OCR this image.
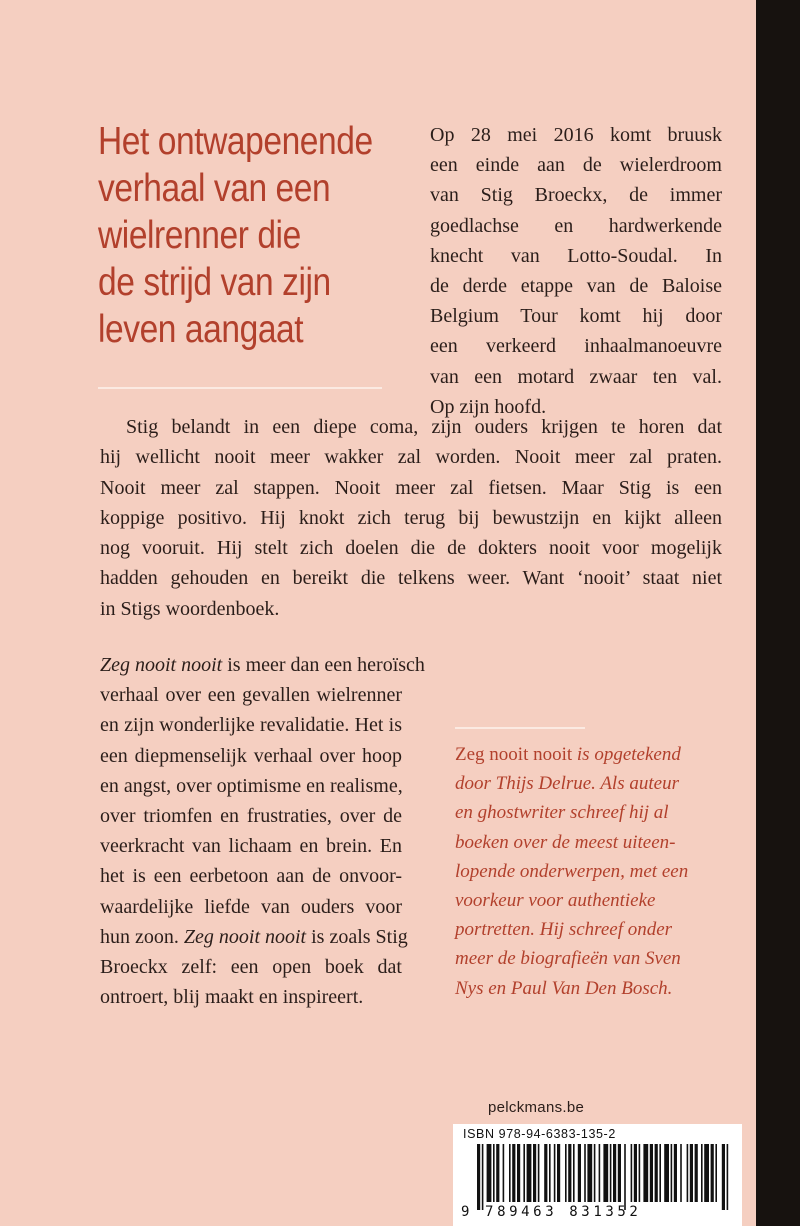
Het ontwapenende
verhaal van een
wielrenner die
de strijd van zijn
leven aangaat
Op 28 mei 2016 komt bruusk
een einde aan de wielerdroom
van Stig Broeckx, de immer
goedlachse en hardwerkende
knecht van Lotto-Soudal. In
de derde etappe van de Baloise
Belgium Tour komt hij door
een verkeerd inhaalmanoeuvre
van een motard zwaar ten val.
Op zijn hoofd.
Stig belandt in een diepe coma, zijn ouders krijgen te horen dat
hij wellicht nooit meer wakker zal worden. Nooit meer zal praten.
Nooit meer zal stappen. Nooit meer zal fietsen. Maar Stig is een
koppige positivo. Hij knokt zich terug bij bewustzijn en kijkt alleen
nog vooruit. Hij stelt zich doelen die de dokters nooit voor mogelijk
hadden gehouden en bereikt die telkens weer. Want ‘nooit’ staat niet
in Stigs woordenboek.
Zeg nooit nooit is meer dan een heroïsch
verhaal over een gevallen wielrenner
en zijn wonderlijke revalidatie. Het is
een diepmenselijk verhaal over hoop
en angst, over optimisme en realisme,
over triomfen en frustraties, over de
veerkracht van lichaam en brein. En
het is een eerbetoon aan de onvoor-
waardelijke liefde van ouders voor
hun zoon. Zeg nooit nooit is zoals Stig
Broeckx zelf: een open boek dat
ontroert, blij maakt en inspireert.
Zeg nooit nooit is opgetekend
door Thijs Delrue. Als auteur
en ghostwriter schreef hij al
boeken over de meest uiteen-
lopende onderwerpen, met een
voorkeur voor authentieke
portretten. Hij schreef onder
meer de biografieën van Sven
Nys en Paul Van Den Bosch.
pelckmans.be
ISBN 978-94-6383-135-2
9 789463 831352
